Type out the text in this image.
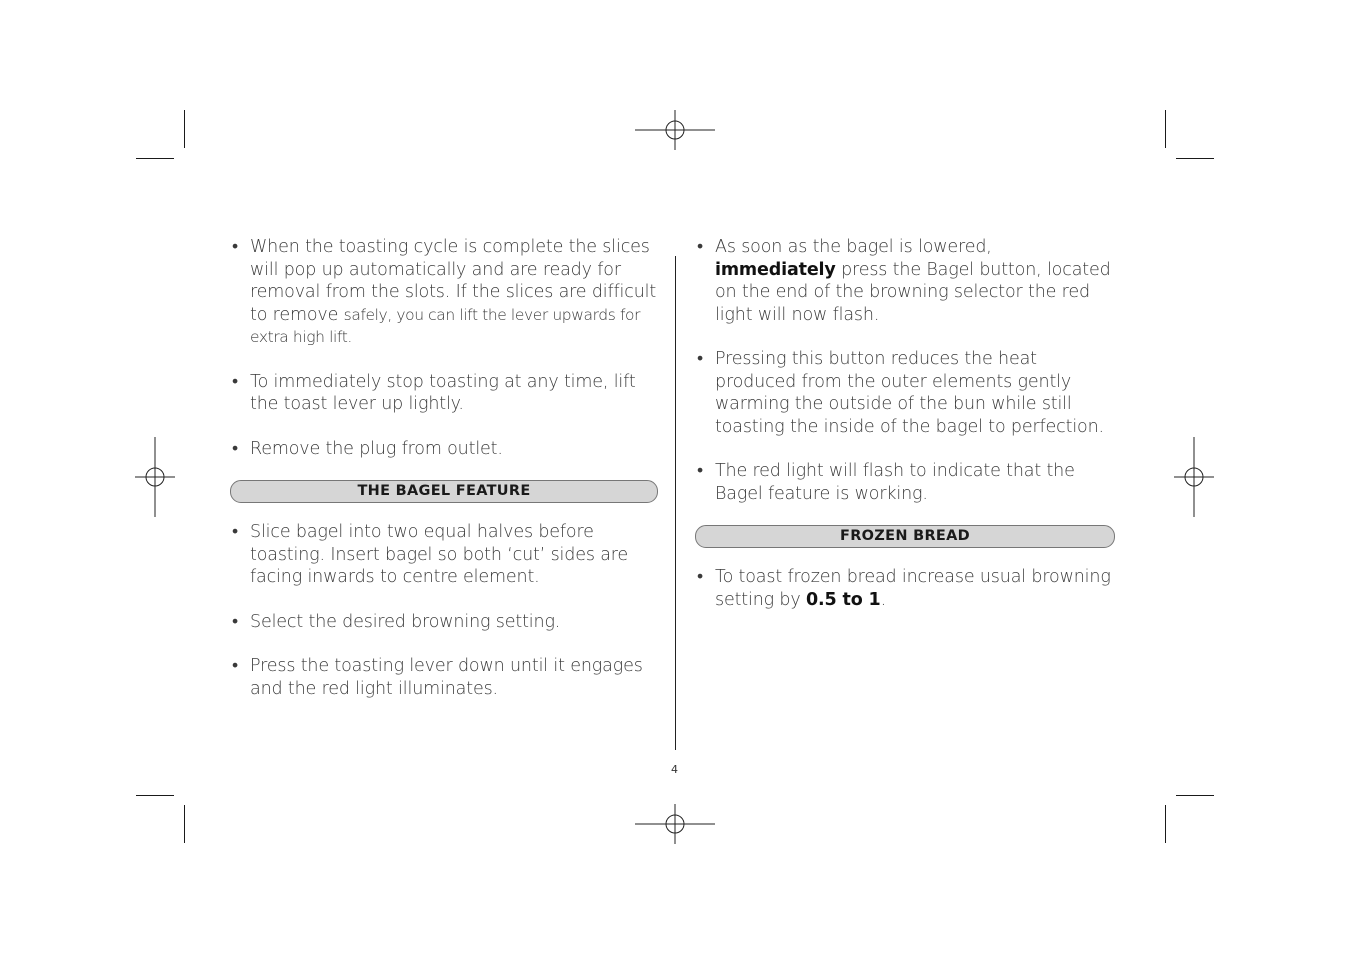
• When the toasting cycle is complete the slices will pop up automatically and are ready for removal from the slots. If the slices are difficult to remove safely, you can lift the lever upwards for extra high lift.
• To immediately stop toasting at any time, lift the toast lever up lightly.
• Remove the plug from outlet.
THE BAGEL FEATURE
• Slice bagel into two equal halves before toasting. Insert bagel so both ‘cut’ sides are facing inwards to centre element.
• Select the desired browning setting.
• Press the toasting lever down until it engages and the red light illuminates.
• As soon as the bagel is lowered, immediately press the Bagel button, located on the end of the browning selector the red light will now flash.
• Pressing this button reduces the heat produced from the outer elements gently warming the outside of the bun while still toasting the inside of the bagel to perfection.
• The red light will flash to indicate that the Bagel feature is working.
FROZEN BREAD
• To toast frozen bread increase usual browning setting by 0.5 to 1.
4
